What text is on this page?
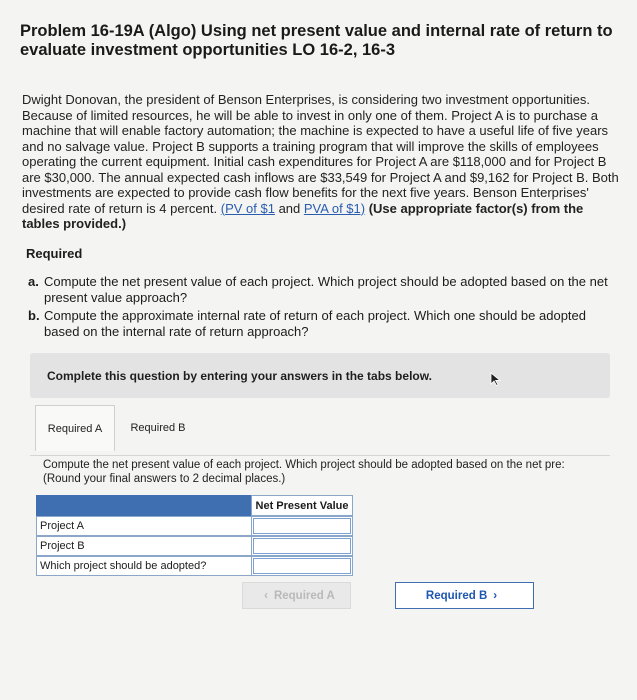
Problem 16-19A (Algo) Using net present value and internal rate of return to evaluate investment opportunities LO 16-2, 16-3
Dwight Donovan, the president of Benson Enterprises, is considering two investment opportunities. Because of limited resources, he will be able to invest in only one of them. Project A is to purchase a machine that will enable factory automation; the machine is expected to have a useful life of five years and no salvage value. Project B supports a training program that will improve the skills of employees operating the current equipment. Initial cash expenditures for Project A are $118,000 and for Project B are $30,000. The annual expected cash inflows are $33,549 for Project A and $9,162 for Project B. Both investments are expected to provide cash flow benefits for the next five years. Benson Enterprises' desired rate of return is 4 percent. (PV of $1 and PVA of $1) (Use appropriate factor(s) from the tables provided.)
Required
a. Compute the net present value of each project. Which project should be adopted based on the net present value approach?
b. Compute the approximate internal rate of return of each project. Which one should be adopted based on the internal rate of return approach?
Complete this question by entering your answers in the tabs below.
Required A	Required B
Compute the net present value of each project. Which project should be adopted based on the net pre:
(Round your final answers to 2 decimal places.)
Net Present Value
Project A
Project B
Which project should be adopted?
‹ Required A	Required B ›
